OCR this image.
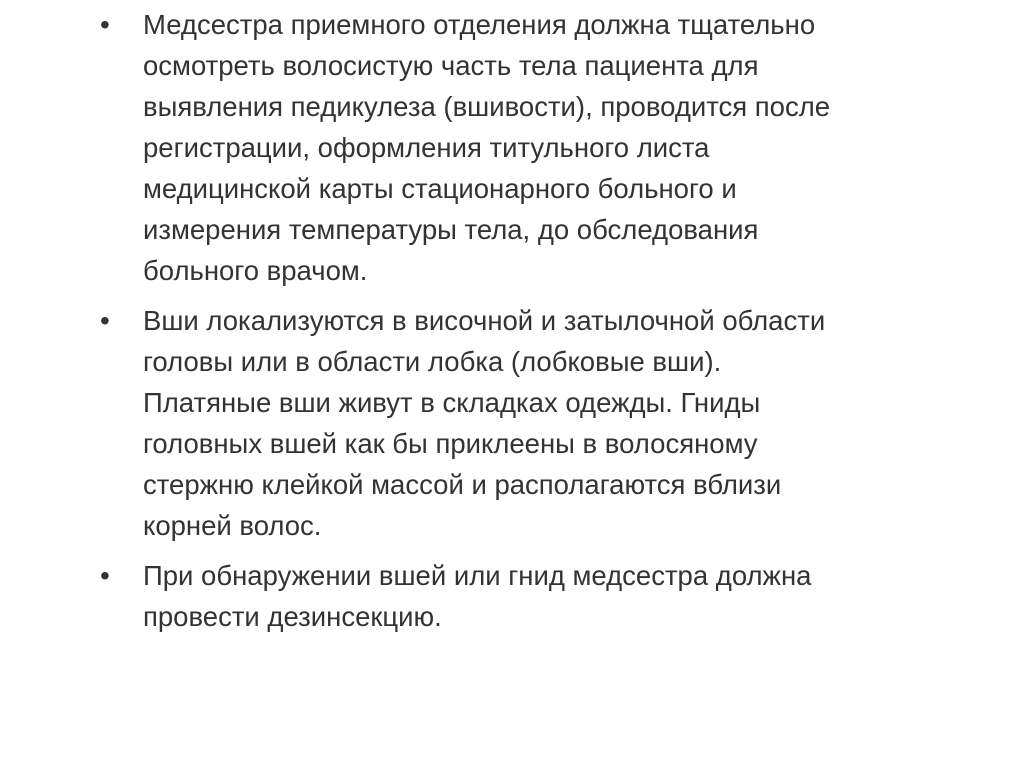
•	Медсестра приемного отделения должна тщательно
осмотреть волосистую часть тела пациента для
выявления педикулеза (вшивости), проводится после
регистрации, оформления титульного листа
медицинской карты стационарного больного и
измерения температуры тела, до обследования
больного врачом.
•	Вши локализуются в височной и затылочной области
головы или в области лобка (лобковые вши).
Платяные вши живут в складках одежды. Гниды
головных вшей как бы приклеены в волосяному
стержню клейкой массой и располагаются вблизи
корней волос.
•	При обнаружении вшей или гнид медсестра должна
провести дезинсекцию.
